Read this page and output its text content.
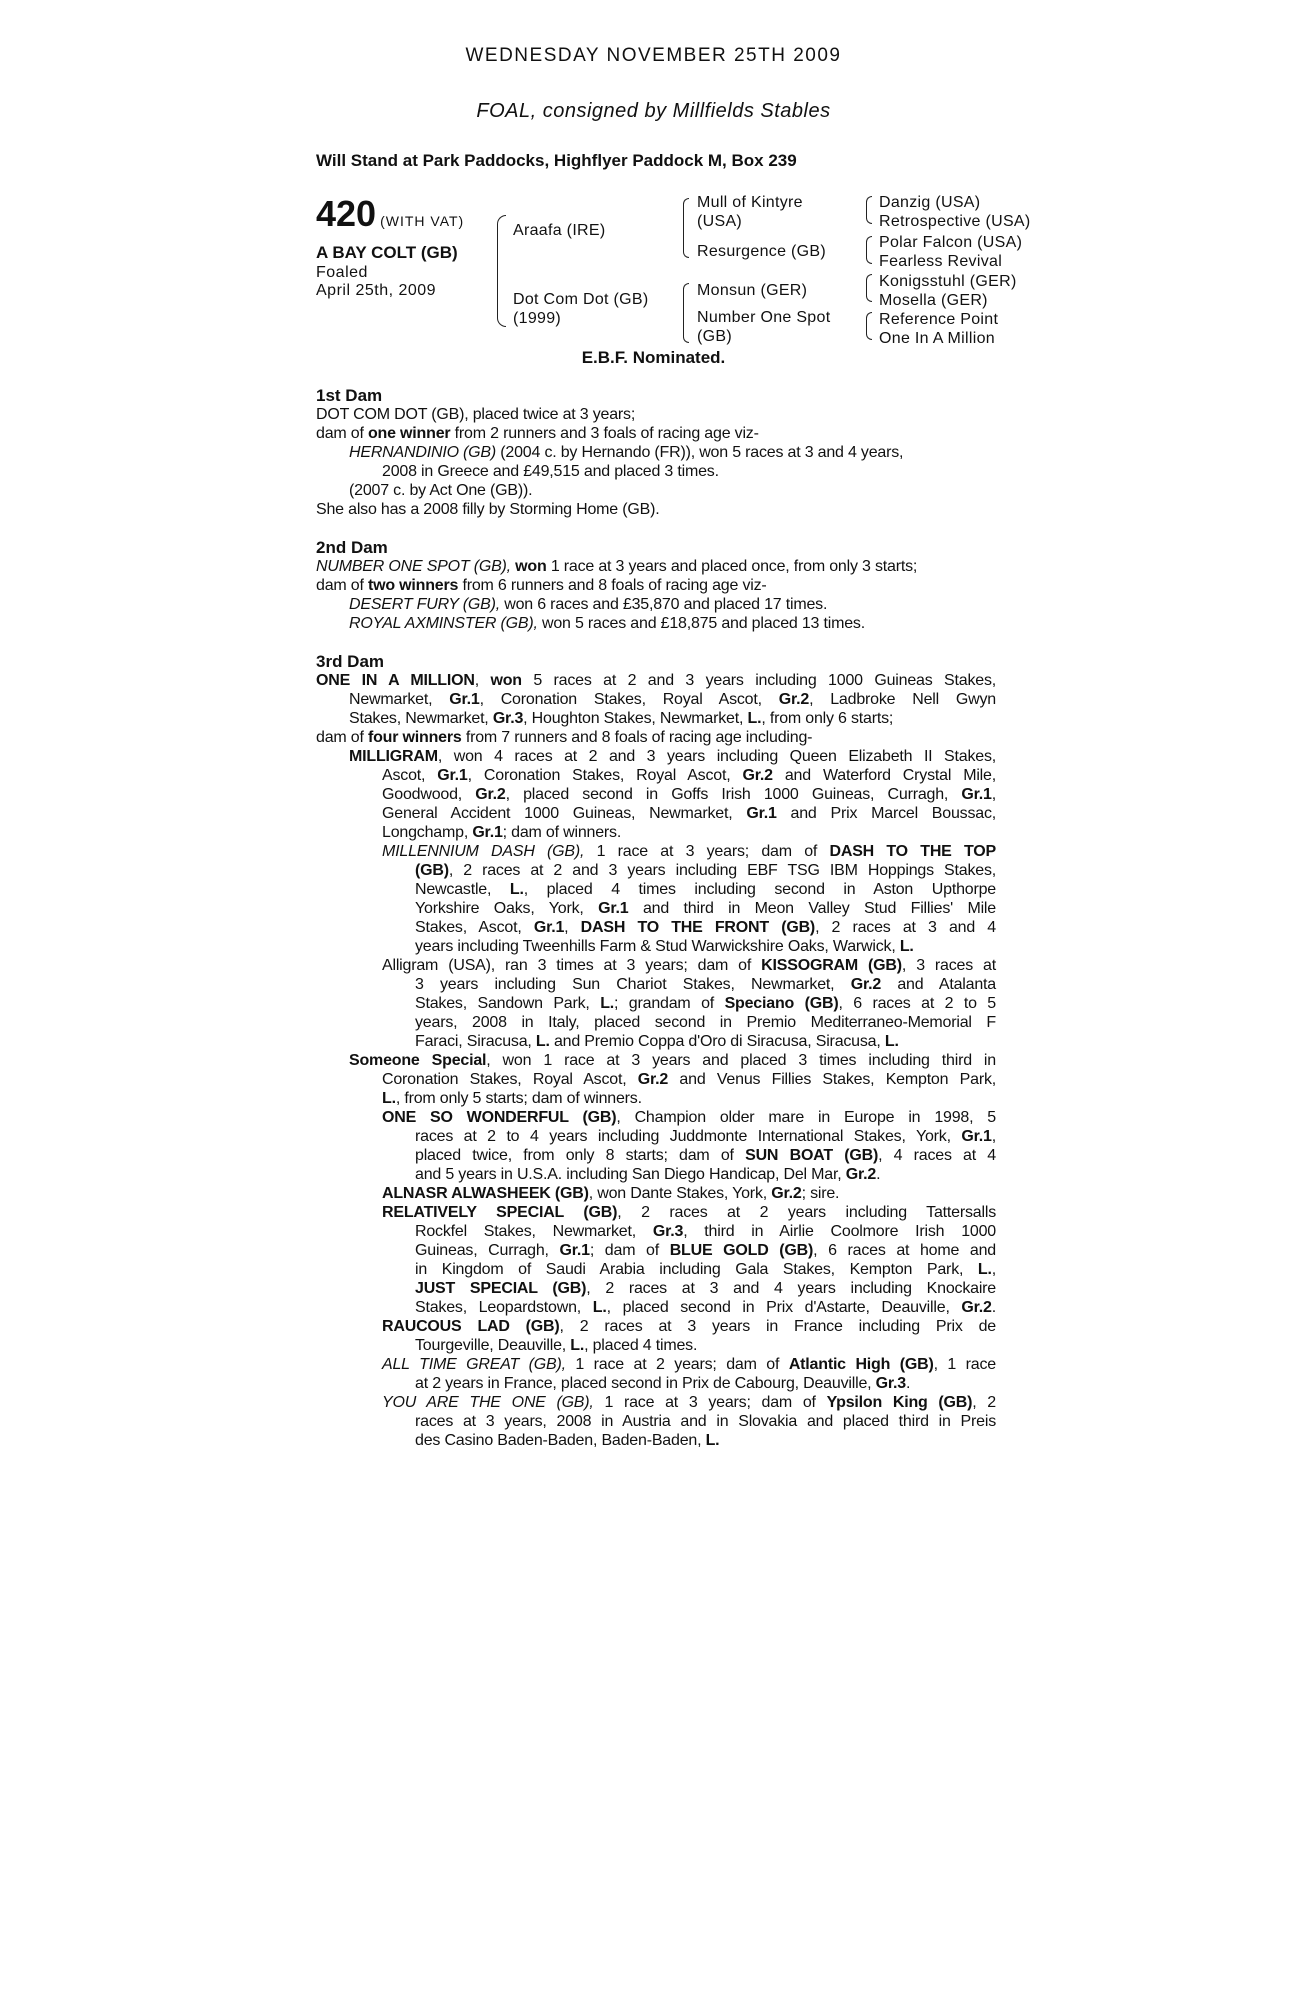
WEDNESDAY NOVEMBER 25TH 2009
FOAL, consigned by Millfields Stables
Will Stand at Park Paddocks, Highflyer Paddock M, Box 239
420 (WITH VAT)
A BAY COLT (GB)
Foaled
April 25th, 2009
Araafa (IRE)
Dot Com Dot (GB)
(1999)
Mull of Kintyre
(USA)
Resurgence (GB)
Monsun (GER)
Number One Spot
(GB)
Danzig (USA)
Retrospective (USA)
Polar Falcon (USA)
Fearless Revival
Konigsstuhl (GER)
Mosella (GER)
Reference Point
One In A Million
E.B.F. Nominated.
1st Dam
DOT COM DOT (GB), placed twice at 3 years;
dam of one winner from 2 runners and 3 foals of racing age viz-
HERNANDINIO (GB) (2004 c. by Hernando (FR)), won 5 races at 3 and 4 years,
2008 in Greece and £49,515 and placed 3 times.
(2007 c. by Act One (GB)).
She also has a 2008 filly by Storming Home (GB).
2nd Dam
NUMBER ONE SPOT (GB), won 1 race at 3 years and placed once, from only 3 starts;
dam of two winners from 6 runners and 8 foals of racing age viz-
DESERT FURY (GB), won 6 races and £35,870 and placed 17 times.
ROYAL AXMINSTER (GB), won 5 races and £18,875 and placed 13 times.
3rd Dam
ONE IN A MILLION, won 5 races at 2 and 3 years including 1000 Guineas Stakes,
Newmarket, Gr.1, Coronation Stakes, Royal Ascot, Gr.2, Ladbroke Nell Gwyn
Stakes, Newmarket, Gr.3, Houghton Stakes, Newmarket, L., from only 6 starts;
dam of four winners from 7 runners and 8 foals of racing age including-
MILLIGRAM, won 4 races at 2 and 3 years including Queen Elizabeth II Stakes,
Ascot, Gr.1, Coronation Stakes, Royal Ascot, Gr.2 and Waterford Crystal Mile,
Goodwood, Gr.2, placed second in Goffs Irish 1000 Guineas, Curragh, Gr.1,
General Accident 1000 Guineas, Newmarket, Gr.1 and Prix Marcel Boussac,
Longchamp, Gr.1; dam of winners.
MILLENNIUM DASH (GB), 1 race at 3 years; dam of DASH TO THE TOP
(GB), 2 races at 2 and 3 years including EBF TSG IBM Hoppings Stakes,
Newcastle, L., placed 4 times including second in Aston Upthorpe
Yorkshire Oaks, York, Gr.1 and third in Meon Valley Stud Fillies' Mile
Stakes, Ascot, Gr.1, DASH TO THE FRONT (GB), 2 races at 3 and 4
years including Tweenhills Farm & Stud Warwickshire Oaks, Warwick, L.
Alligram (USA), ran 3 times at 3 years; dam of KISSOGRAM (GB), 3 races at
3 years including Sun Chariot Stakes, Newmarket, Gr.2 and Atalanta
Stakes, Sandown Park, L.; grandam of Speciano (GB), 6 races at 2 to 5
years, 2008 in Italy, placed second in Premio Mediterraneo-Memorial F
Faraci, Siracusa, L. and Premio Coppa d'Oro di Siracusa, Siracusa, L.
Someone Special, won 1 race at 3 years and placed 3 times including third in
Coronation Stakes, Royal Ascot, Gr.2 and Venus Fillies Stakes, Kempton Park,
L., from only 5 starts; dam of winners.
ONE SO WONDERFUL (GB), Champion older mare in Europe in 1998, 5
races at 2 to 4 years including Juddmonte International Stakes, York, Gr.1,
placed twice, from only 8 starts; dam of SUN BOAT (GB), 4 races at 4
and 5 years in U.S.A. including San Diego Handicap, Del Mar, Gr.2.
ALNASR ALWASHEEK (GB), won Dante Stakes, York, Gr.2; sire.
RELATIVELY SPECIAL (GB), 2 races at 2 years including Tattersalls
Rockfel Stakes, Newmarket, Gr.3, third in Airlie Coolmore Irish 1000
Guineas, Curragh, Gr.1; dam of BLUE GOLD (GB), 6 races at home and
in Kingdom of Saudi Arabia including Gala Stakes, Kempton Park, L.,
JUST SPECIAL (GB), 2 races at 3 and 4 years including Knockaire
Stakes, Leopardstown, L., placed second in Prix d'Astarte, Deauville, Gr.2.
RAUCOUS LAD (GB), 2 races at 3 years in France including Prix de
Tourgeville, Deauville, L., placed 4 times.
ALL TIME GREAT (GB), 1 race at 2 years; dam of Atlantic High (GB), 1 race
at 2 years in France, placed second in Prix de Cabourg, Deauville, Gr.3.
YOU ARE THE ONE (GB), 1 race at 3 years; dam of Ypsilon King (GB), 2
races at 3 years, 2008 in Austria and in Slovakia and placed third in Preis
des Casino Baden-Baden, Baden-Baden, L.
